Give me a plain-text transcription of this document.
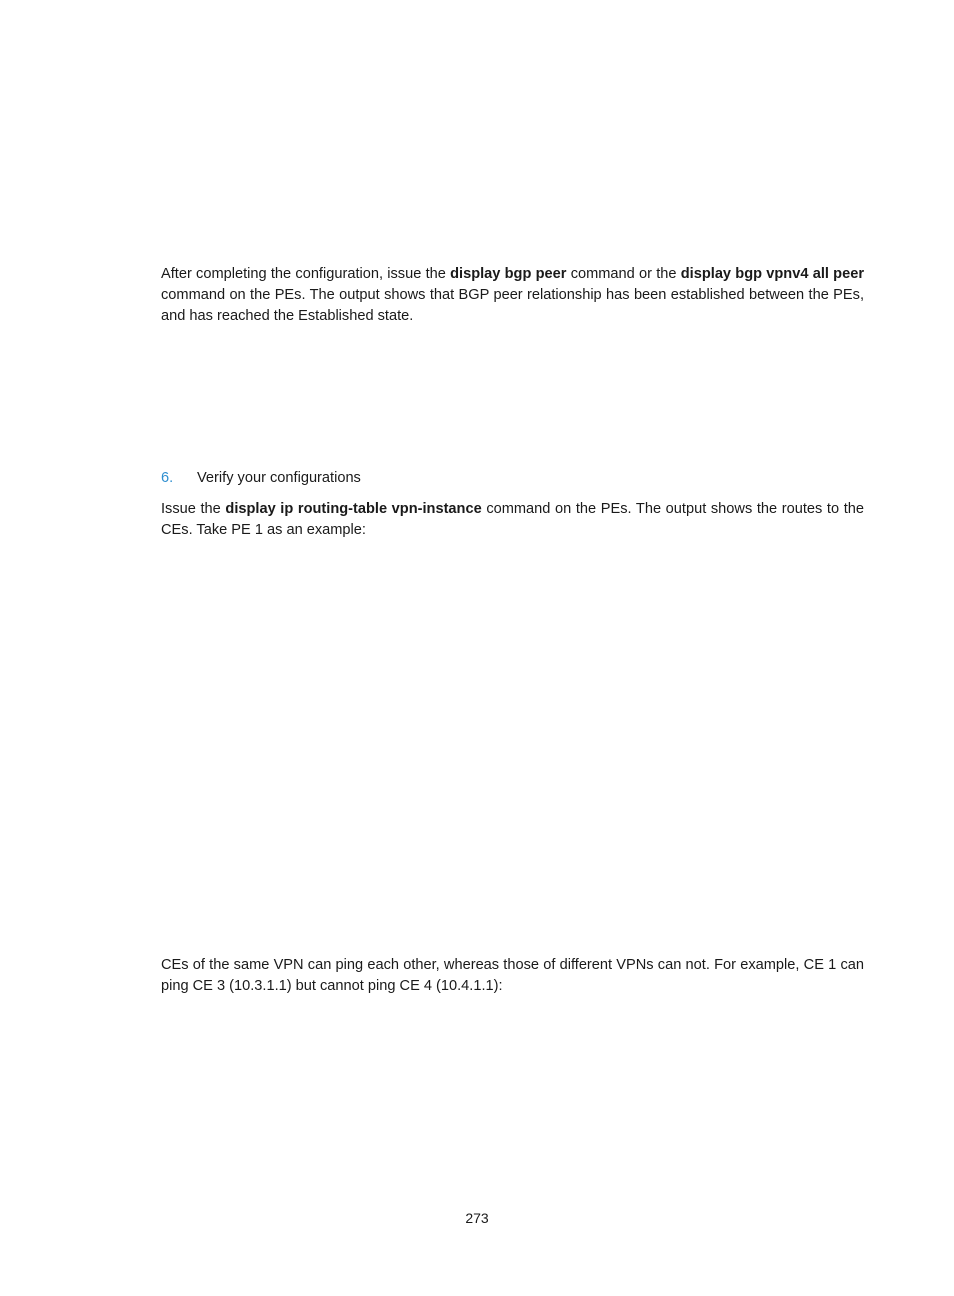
After completing the configuration, issue the display bgp peer command or the display bgp vpnv4 all peer command on the PEs. The output shows that BGP peer relationship has been established between the PEs, and has reached the Established state.

6. Verify your configurations

Issue the display ip routing-table vpn-instance command on the PEs. The output shows the routes to the CEs. Take PE 1 as an example:

CEs of the same VPN can ping each other, whereas those of different VPNs can not. For example, CE 1 can ping CE 3 (10.3.1.1) but cannot ping CE 4 (10.4.1.1):

273
